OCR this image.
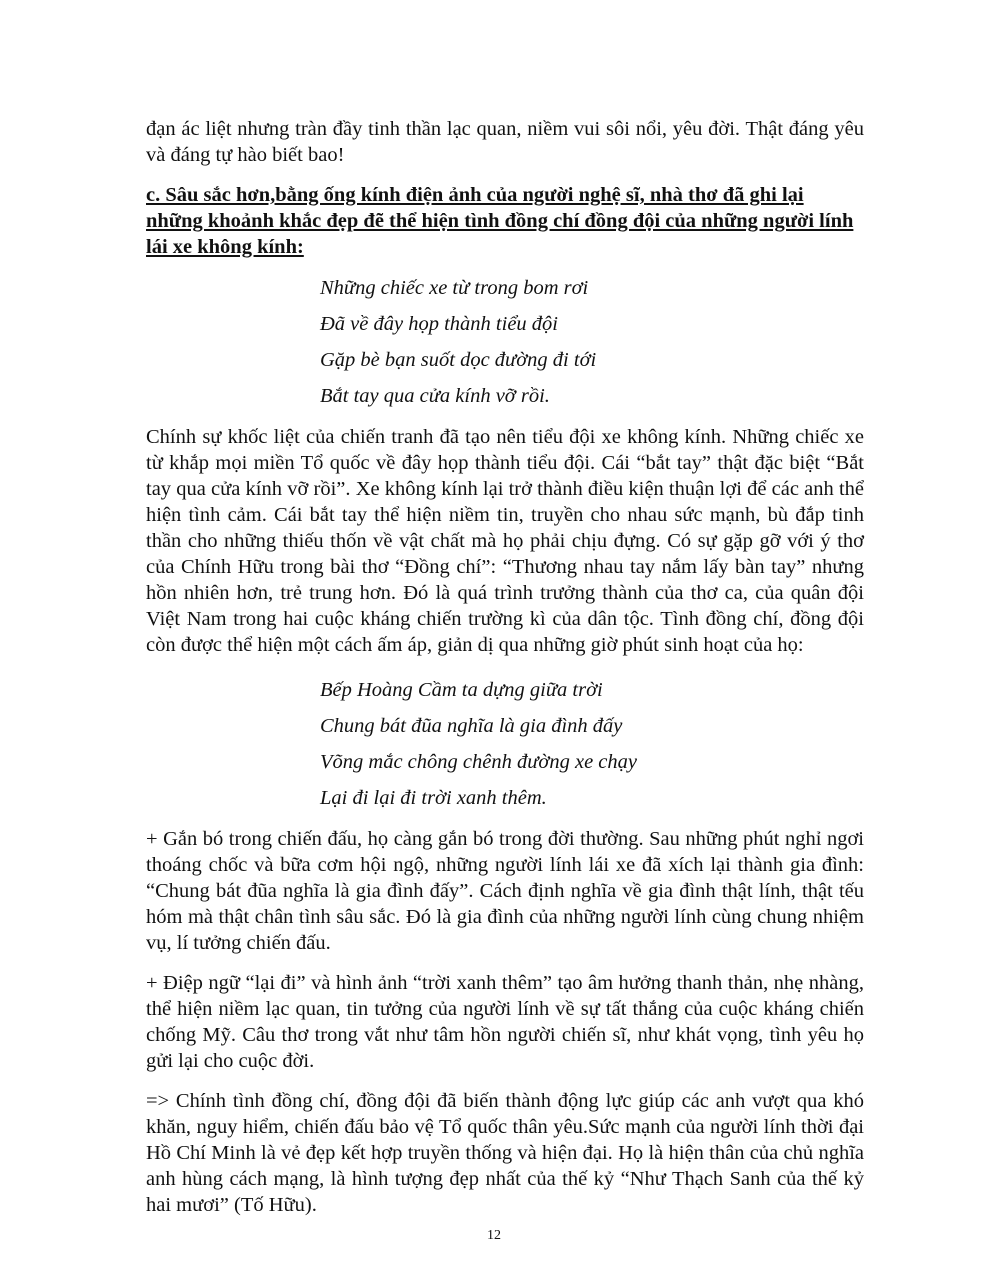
đạn ác liệt nhưng tràn đầy tinh thần lạc quan, niềm vui sôi nổi, yêu đời. Thật đáng yêu và đáng tự hào biết bao!

c. Sâu sắc hơn,bằng ống kính điện ảnh của người nghệ sĩ, nhà thơ đã ghi lại những khoảnh khắc đẹp đẽ thể hiện tình đồng chí đồng đội của những người lính lái xe không kính:

Những chiếc xe từ trong bom rơi
Đã về đây họp thành tiểu đội
Gặp bè bạn suốt dọc đường đi tới
Bắt tay qua cửa kính vỡ rồi.

Chính sự khốc liệt của chiến tranh đã tạo nên tiểu đội xe không kính. Những chiếc xe từ khắp mọi miền Tổ quốc về đây họp thành tiểu đội. Cái “bắt tay” thật đặc biệt “Bắt tay qua cửa kính vỡ rồi”. Xe không kính lại trở thành điều kiện thuận lợi để các anh thể hiện tình cảm. Cái bắt tay thể hiện niềm tin, truyền cho nhau sức mạnh, bù đắp tinh thần cho những thiếu thốn về vật chất mà họ phải chịu đựng. Có sự gặp gỡ với ý thơ của Chính Hữu trong bài thơ “Đồng chí”: “Thương nhau tay nắm lấy bàn tay” nhưng hồn nhiên hơn, trẻ trung hơn. Đó là quá trình trưởng thành của thơ ca, của quân đội Việt Nam trong hai cuộc kháng chiến trường kì của dân tộc. Tình đồng chí, đồng đội còn được thể hiện một cách ấm áp, giản dị qua những giờ phút sinh hoạt của họ:

Bếp Hoàng Cầm ta dựng giữa trời
Chung bát đũa nghĩa là gia đình đấy
Võng mắc chông chênh đường xe chạy
Lại đi lại đi trời xanh thêm.

+ Gắn bó trong chiến đấu, họ càng gắn bó trong đời thường. Sau những phút nghỉ ngơi thoáng chốc và bữa cơm hội ngộ, những người lính lái xe đã xích lại thành gia đình: “Chung bát đũa nghĩa là gia đình đấy”. Cách định nghĩa về gia đình thật lính, thật tếu hóm mà thật chân tình sâu sắc. Đó là gia đình của những người lính cùng chung nhiệm vụ, lí tưởng chiến đấu.

+ Điệp ngữ “lại đi” và hình ảnh “trời xanh thêm” tạo âm hưởng thanh thản, nhẹ nhàng, thể hiện niềm lạc quan, tin tưởng của người lính về sự tất thắng của cuộc kháng chiến chống Mỹ. Câu thơ trong vắt như tâm hồn người chiến sĩ, như khát vọng, tình yêu họ gửi lại cho cuộc đời.

=> Chính tình đồng chí, đồng đội đã biến thành động lực giúp các anh vượt qua khó khăn, nguy hiểm, chiến đấu bảo vệ Tổ quốc thân yêu.Sức mạnh của người lính thời đại Hồ Chí Minh là vẻ đẹp kết hợp truyền thống và hiện đại. Họ là hiện thân của chủ nghĩa anh hùng cách mạng, là hình tượng đẹp nhất của thế kỷ “Như Thạch Sanh của thế kỷ hai mươi” (Tố Hữu).

12
